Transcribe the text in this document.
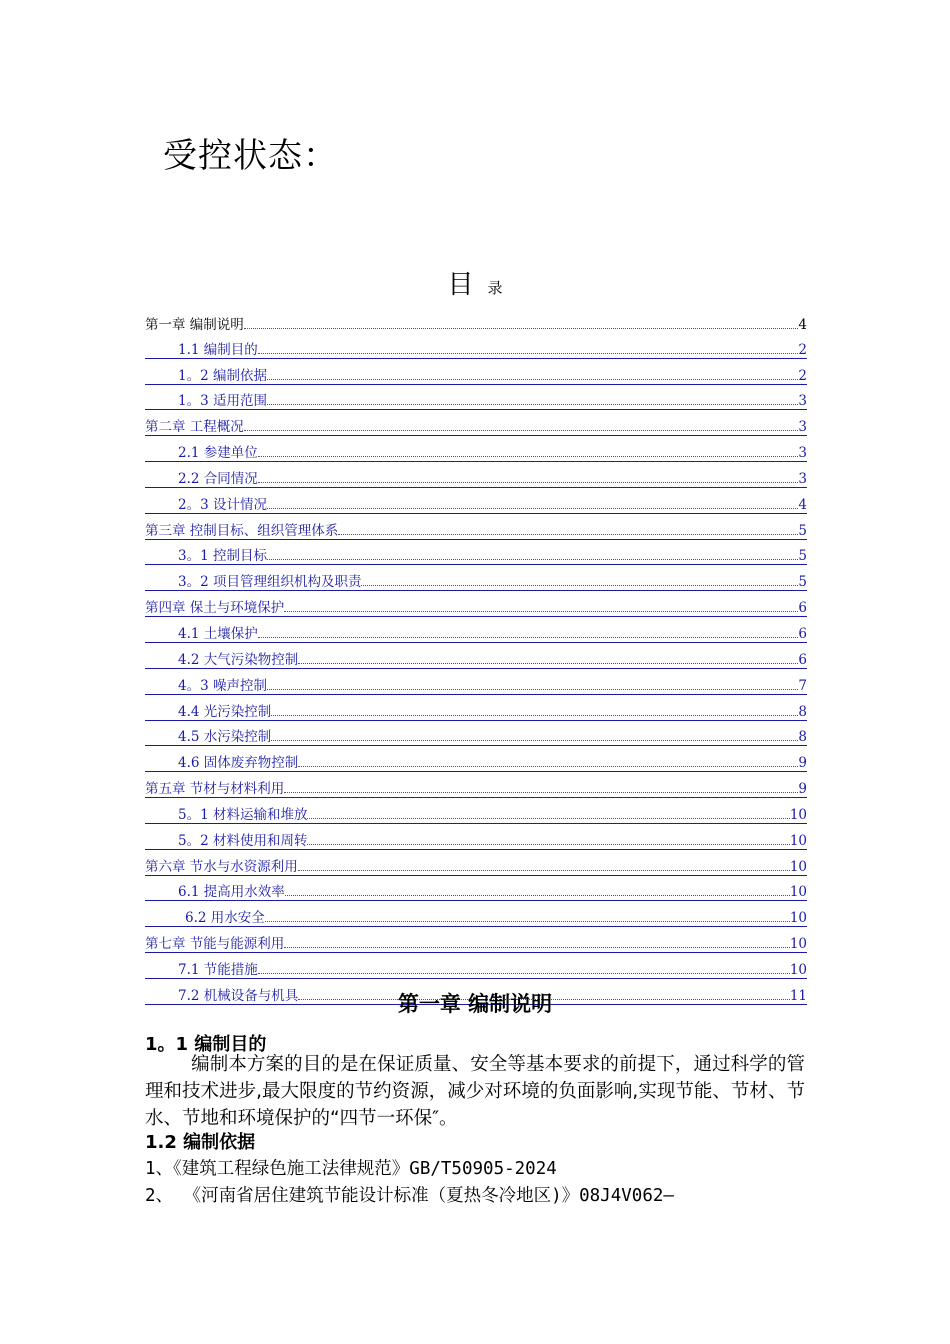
受控状态：
目录
第一章 编制说明	4
1.1 编制目的	2
1。2 编制依据	2
1。3 适用范围	3
第二章 工程概况	3
2.1 参建单位	3
2.2 合同情况	3
2。3 设计情况	4
第三章 控制目标、组织管理体系	5
3。1 控制目标	5
3。2 项目管理组织机构及职责	5
第四章 保土与环境保护	6
4.1 土壤保护	6
4.2 大气污染物控制	6
4。3 噪声控制	7
4.4 光污染控制	8
4.5 水污染控制	8
4.6 固体废弃物控制	9
第五章 节材与材料利用	9
5。1 材料运输和堆放	10
5。2 材料使用和周转	10
第六章 节水与水资源利用	10
6.1 提高用水效率	10
6.2 用水安全	10
第七章 节能与能源利用	10
7.1 节能措施	10
7.2 机械设备与机具	11
第一章 编制说明
1。1 编制目的
编制本方案的目的是在保证质量、安全等基本要求的前提下，通过科学的管理和技术进步,最大限度的节约资源，减少对环境的负面影响,实现节能、节材、节水、节地和环境保护的“四节一环保″。
1.2 编制依据
1、《建筑工程绿色施工法律规范》GB/T50905-2024
2、 《河南省居住建筑节能设计标准（夏热冬冷地区)》08J4V062—
